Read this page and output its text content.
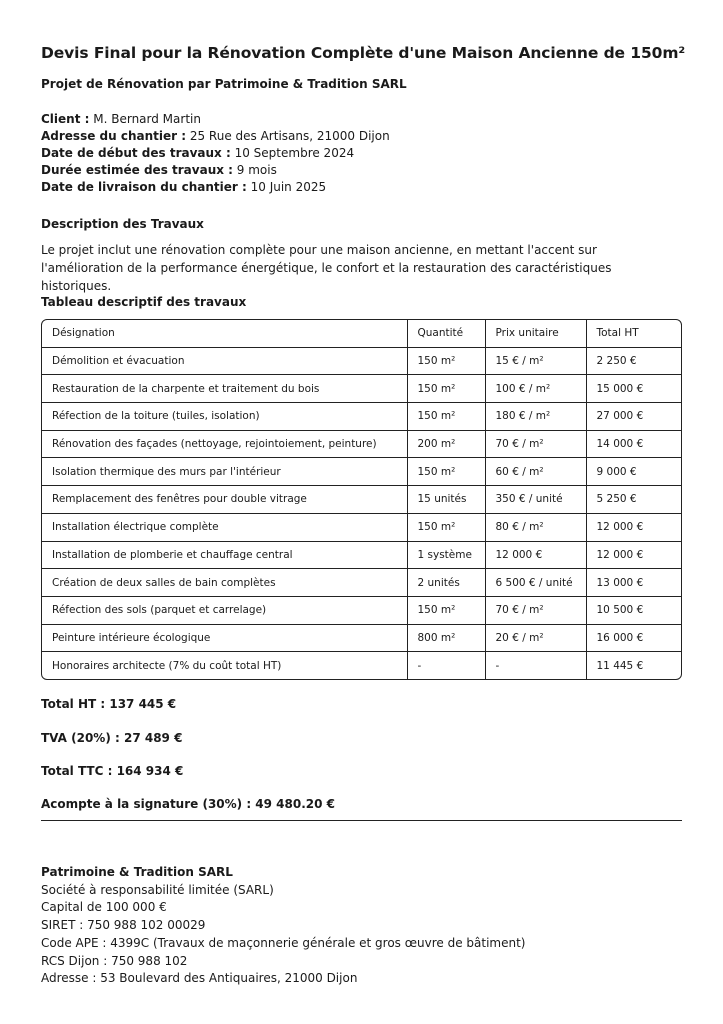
Devis Final pour la Rénovation Complète d'une Maison Ancienne de 150m²

Projet de Rénovation par Patrimoine & Tradition SARL

Client : M. Bernard Martin
Adresse du chantier : 25 Rue des Artisans, 21000 Dijon
Date de début des travaux : 10 Septembre 2024
Durée estimée des travaux : 9 mois
Date de livraison du chantier : 10 Juin 2025
Description des Travaux
Le projet inclut une rénovation complète pour une maison ancienne, en mettant l'accent sur l'amélioration de la performance énergétique, le confort et la restauration des caractéristiques historiques.
Tableau descriptif des travaux
Désignation	Quantité	Prix unitaire	Total HT
Démolition et évacuation	150 m²	15 € / m²	2 250 €
Restauration de la charpente et traitement du bois	150 m²	100 € / m²	15 000 €
Réfection de la toiture (tuiles, isolation)	150 m²	180 € / m²	27 000 €
Rénovation des façades (nettoyage, rejointoiement, peinture)	200 m²	70 € / m²	14 000 €
Isolation thermique des murs par l'intérieur	150 m²	60 € / m²	9 000 €
Remplacement des fenêtres pour double vitrage	15 unités	350 € / unité	5 250 €
Installation électrique complète	150 m²	80 € / m²	12 000 €
Installation de plomberie et chauffage central	1 système	12 000 €	12 000 €
Création de deux salles de bain complètes	2 unités	6 500 € / unité	13 000 €
Réfection des sols (parquet et carrelage)	150 m²	70 € / m²	10 500 €
Peinture intérieure écologique	800 m²	20 € / m²	16 000 €
Honoraires architecte (7% du coût total HT)	-	-	11 445 €
Total HT : 137 445 €
TVA (20%) : 27 489 €
Total TTC : 164 934 €
Acompte à la signature (30%) : 49 480.20 €
Patrimoine & Tradition SARL
Société à responsabilité limitée (SARL)
Capital de 100 000 €
SIRET : 750 988 102 00029
Code APE : 4399C (Travaux de maçonnerie générale et gros œuvre de bâtiment)
RCS Dijon : 750 988 102
Adresse : 53 Boulevard des Antiquaires, 21000 Dijon
